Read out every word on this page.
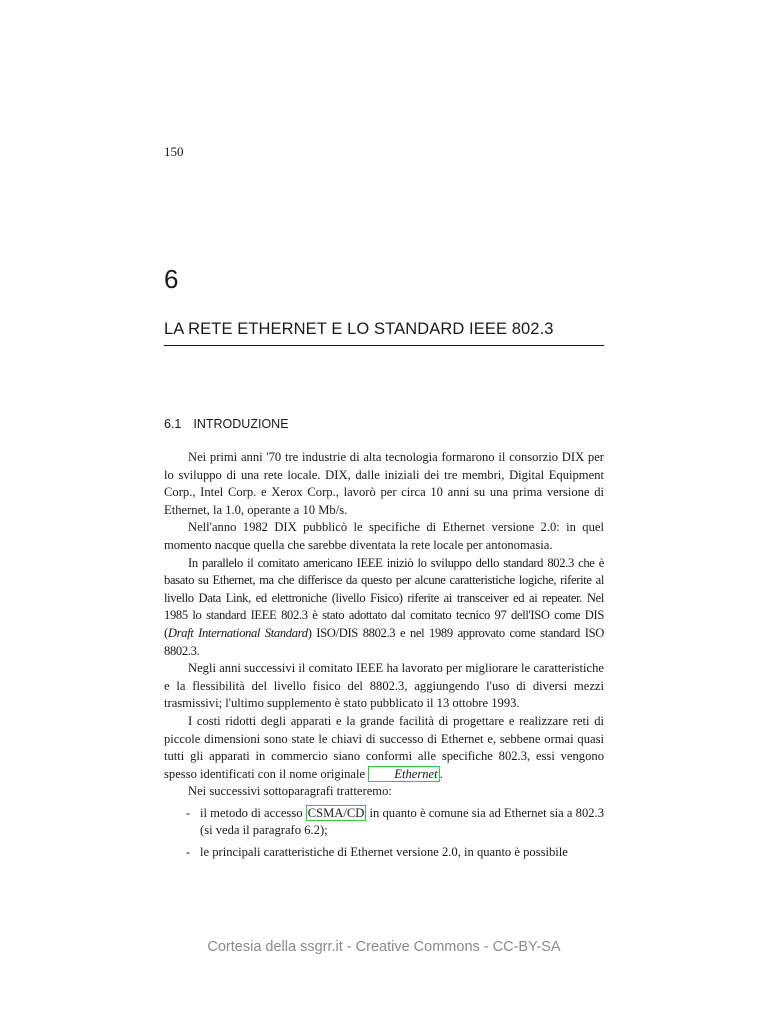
150
6
LA RETE ETHERNET E LO STANDARD IEEE 802.3
6.1 INTRODUZIONE

Nei primi anni '70 tre industrie di alta tecnologia formarono il consorzio DIX per lo sviluppo di una rete locale. DIX, dalle iniziali dei tre membri, Digital Equipment Corp., Intel Corp. e Xerox Corp., lavorò per circa 10 anni su una prima versione di Ethernet, la 1.0, operante a 10 Mb/s.

Nell'anno 1982 DIX pubblicò le specifiche di Ethernet versione 2.0: in quel momento nacque quella che sarebbe diventata la rete locale per antonomasia.

In parallelo il comitato americano IEEE iniziò lo sviluppo dello standard 802.3 che è basato su Ethernet, ma che differisce da questo per alcune caratteristiche logiche, riferite al livello Data Link, ed elettroniche (livello Fisico) riferite ai transceiver ed ai repeater. Nel 1985 lo standard IEEE 802.3 è stato adottato dal comitato tecnico 97 dell'ISO come DIS (Draft International Standard) ISO/DIS 8802.3 e nel 1989 approvato come standard ISO 8802.3.

Negli anni successivi il comitato IEEE ha lavorato per migliorare le caratteristiche e la flessibilità del livello fisico del 8802.3, aggiungendo l'uso di diversi mezzi trasmissivi; l'ultimo supplemento è stato pubblicato il 13 ottobre 1993.

I costi ridotti degli apparati e la grande facilità di progettare e realizzare reti di piccole dimensioni sono state le chiavi di successo di Ethernet e, sebbene ormai quasi tutti gli apparati in commercio siano conformi alle specifiche 802.3, essi vengono spesso identificati con il nome originale Ethernet .

Nei successivi sottoparagrafi tratteremo:

- il metodo di accesso CSMA/CD in quanto è comune sia ad Ethernet sia a 802.3 (si veda il paragrafo 6.2);
- le principali caratteristiche di Ethernet versione 2.0, in quanto è possibile
Cortesia della ssgrr.it - Creative Commons - CC-BY-SA
